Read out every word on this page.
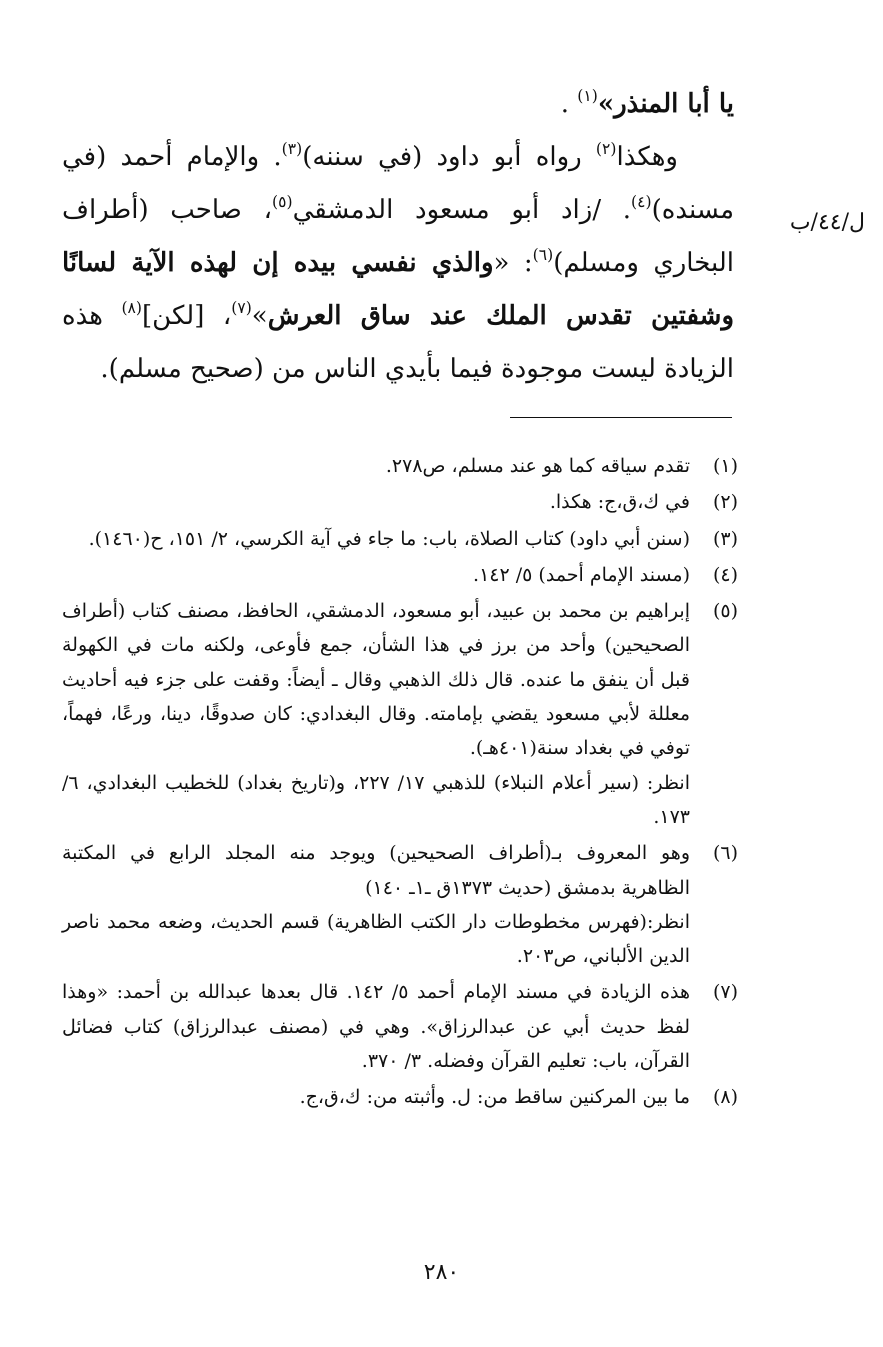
يا أبا المنذر»$^{(١)}$ .

وهكذا$^{(٢)}$ رواه أبو داود (في سننه)$^{(٣)}$. والإمام أحمد (في مسنده)$^{(٤)}$. /زاد أبو مسعود الدمشقي$^{(٥)}$، صاحب (أطراف البخاري ومسلم)$^{(٦)}$: «والذي نفسي بيده إن لهذه الآية لسانًا وشفتين تقدس الملك عند ساق العرش»$^{(٧)}$، [لكن]$^{(٨)}$ هذه الزيادة ليست موجودة فيما بأيدي الناس من (صحيح مسلم).

ل/٤٤/ب
(١)
تقدم سياقه كما هو عند مسلم، ص٢٧٨.
(٢)
في ك،ق،ج: هكذا.
(٣)
(سنن أبي داود) كتاب الصلاة، باب: ما جاء في آية الكرسي، ٢/ ١٥١، ح(١٤٦٠).
(٤)
(مسند الإمام أحمد) ٥/ ١٤٢.
(٥)
إبراهيم بن محمد بن عبيد، أبو مسعود، الدمشقي، الحافظ، مصنف كتاب (أطراف الصحيحين) وأحد من برز في هذا الشأن، جمع فأوعى، ولكنه مات في الكهولة قبل أن ينفق ما عنده. قال ذلك الذهبي وقال ـ أيضاً: وقفت على جزء فيه أحاديث معللة لأبي مسعود يقضي بإمامته. وقال البغدادي: كان صدوقًا، دينا، ورعًا، فهماً، توفي في بغداد سنة(٤٠١هـ).
انظر: (سير أعلام النبلاء) للذهبي ١٧/ ٢٢٧، و(تاريخ بغداد) للخطيب البغدادي، ٦/ ١٧٣.
(٦)
وهو المعروف بـ(أطراف الصحيحين) ويوجد منه المجلد الرابع في المكتبة الظاهرية بدمشق (حديث ١٣٧٣ق ـ١ـ ١٤٠)
انظر:(فهرس مخطوطات دار الكتب الظاهرية) قسم الحديث، وضعه محمد ناصر الدين الألباني، ص٢٠٣.
(٧)
هذه الزيادة في مسند الإمام أحمد ٥/ ١٤٢. قال بعدها عبدالله بن أحمد: «وهذا لفظ حديث أبي عن عبدالرزاق». وهي في (مصنف عبدالرزاق) كتاب فضائل القرآن، باب: تعليم القرآن وفضله. ٣/ ٣٧٠.
(٨)
ما بين المركنين ساقط من: ل. وأثبته من: ك،ق،ج.
٢٨٠
